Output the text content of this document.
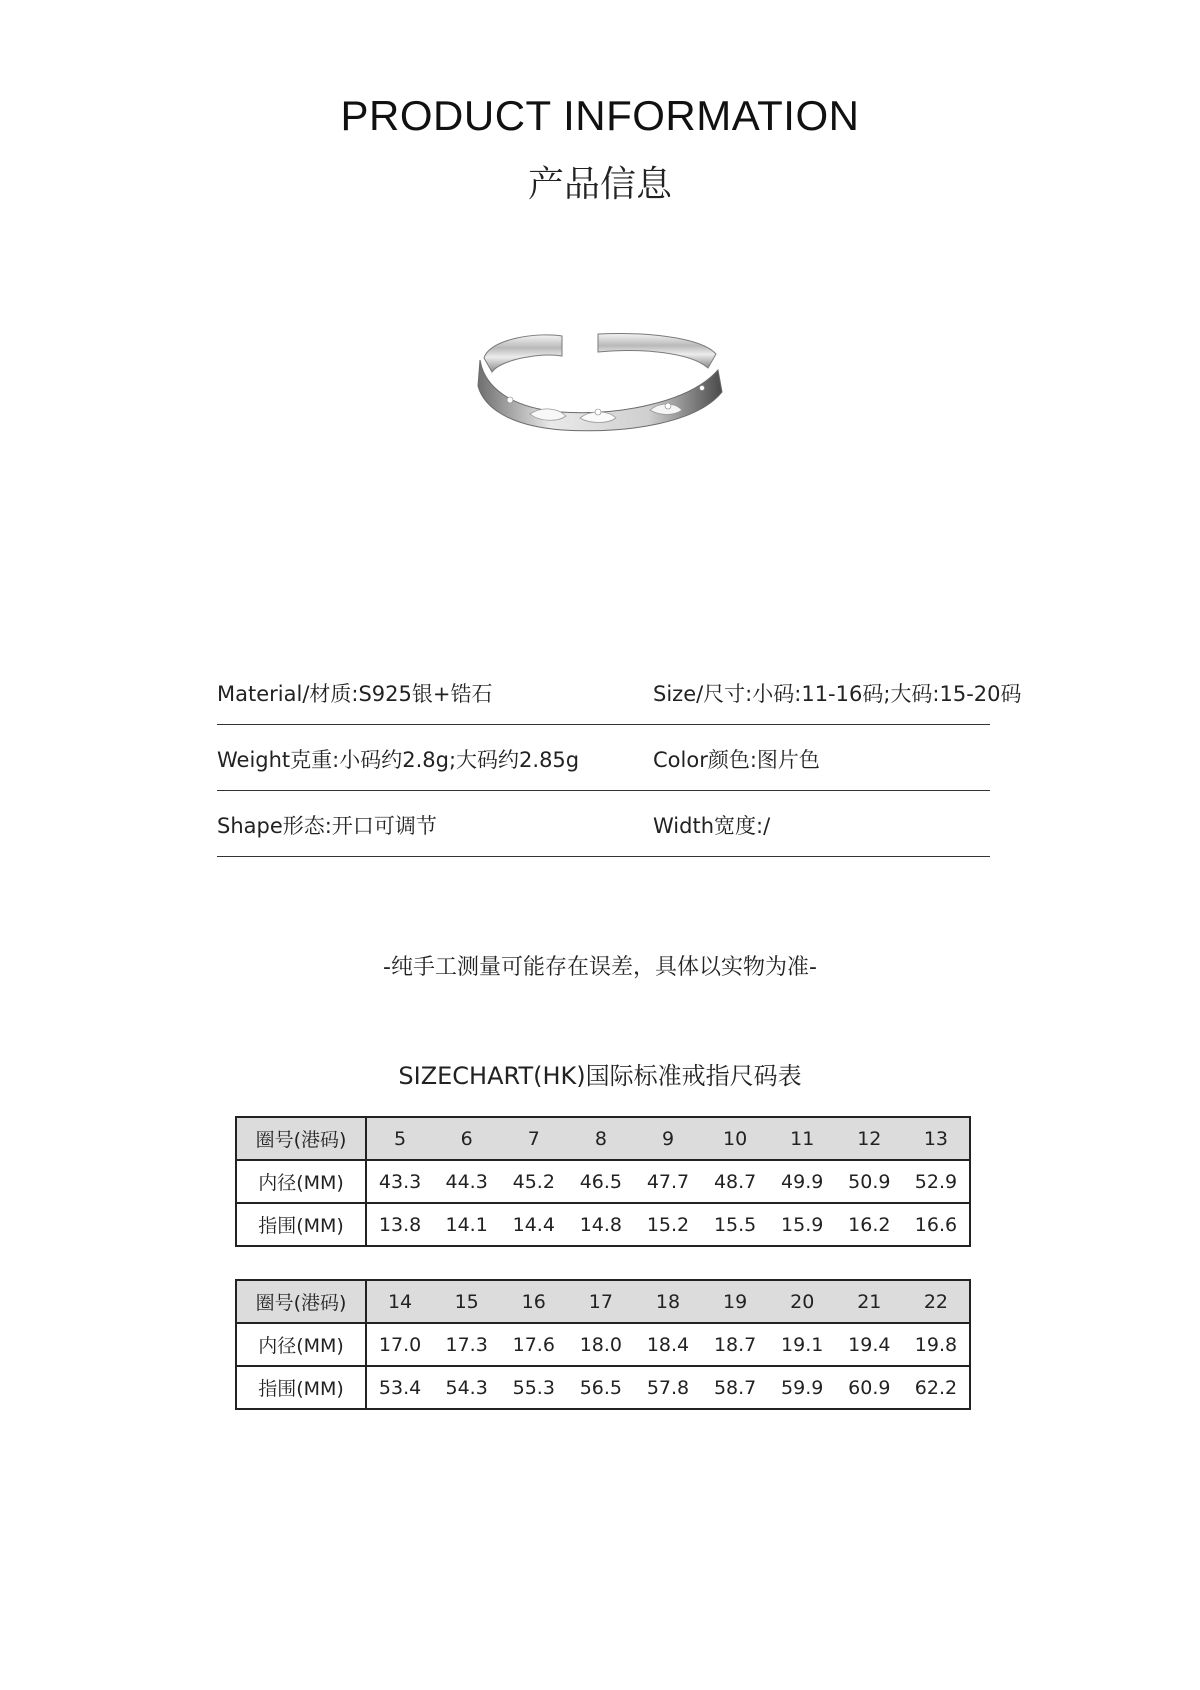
PRODUCT INFORMATION
产品信息
Material/材质:S925银+锆石	Size/尺寸:小码:11-16码;大码:15-20码
Weight克重:小码约2.8g;大码约2.85g	Color颜色:图片色
Shape形态:开口可调节	Width宽度:/
-纯手工测量可能存在误差，具体以实物为准-
SIZECHART(HK)国际标准戒指尺码表
圈号(港码)	5	6	7	8	9	10	11	12	13
内径(MM)	43.3	44.3	45.2	46.5	47.7	48.7	49.9	50.9	52.9
指围(MM)	13.8	14.1	14.4	14.8	15.2	15.5	15.9	16.2	16.6
圈号(港码)	14	15	16	17	18	19	20	21	22
内径(MM)	17.0	17.3	17.6	18.0	18.4	18.7	19.1	19.4	19.8
指围(MM)	53.4	54.3	55.3	56.5	57.8	58.7	59.9	60.9	62.2
